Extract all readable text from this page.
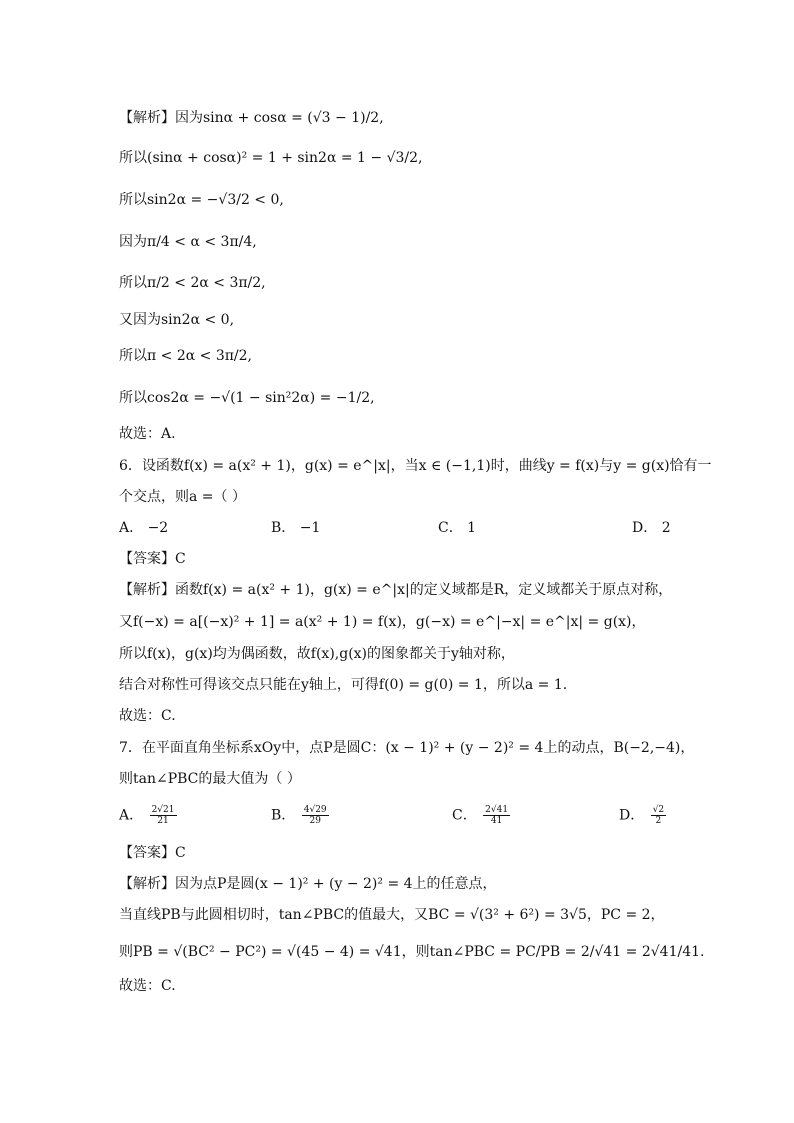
【解析】因为sinα + cosα = (√3 − 1)/2,
所以(sinα + cosα)² = 1 + sin2α = 1 − √3/2,
所以sin2α = −√3/2 < 0,
因为π/4 < α < 3π/4,
所以π/2 < 2α < 3π/2,
又因为sin2α < 0,
所以π < 2α < 3π/2,
所以cos2α = −√(1 − sin²2α) = −1/2,
故选：A.
6．设函数f(x) = a(x² + 1)，g(x) = e^|x|，当x ∈ (−1,1)时，曲线y = f(x)与y = g(x)恰有一
个交点，则a =（ ）
A． −2	B． −1	C． 1	D． 2
【答案】C
【解析】函数f(x) = a(x² + 1)，g(x) = e^|x|的定义域都是R，定义域都关于原点对称，
又f(−x) = a[(−x)² + 1] = a(x² + 1) = f(x)，g(−x) = e^|−x| = e^|x| = g(x)，
所以f(x)，g(x)均为偶函数，故f(x),g(x)的图象都关于y轴对称，
结合对称性可得该交点只能在y轴上，可得f(0) = g(0) = 1，所以a = 1.
故选：C.
7．在平面直角坐标系xOy中，点P是圆C：(x − 1)² + (y − 2)² = 4上的动点，B(−2,−4)，
则tan∠PBC的最大值为（ ）
A． $\frac{2√21}{21}$	B． $\frac{4√29}{29}$	C． $\frac{2√41}{41}$	D． $\frac{√2}{2}$
【答案】C
【解析】因为点P是圆(x − 1)² + (y − 2)² = 4上的任意点，
当直线PB与此圆相切时，tan∠PBC的值最大，又BC = √(3² + 6²) = 3√5，PC = 2，
则PB = √(BC² − PC²) = √(45 − 4) = √41，则tan∠PBC = PC/PB = 2/√41 = 2√41/41.
故选：C.
